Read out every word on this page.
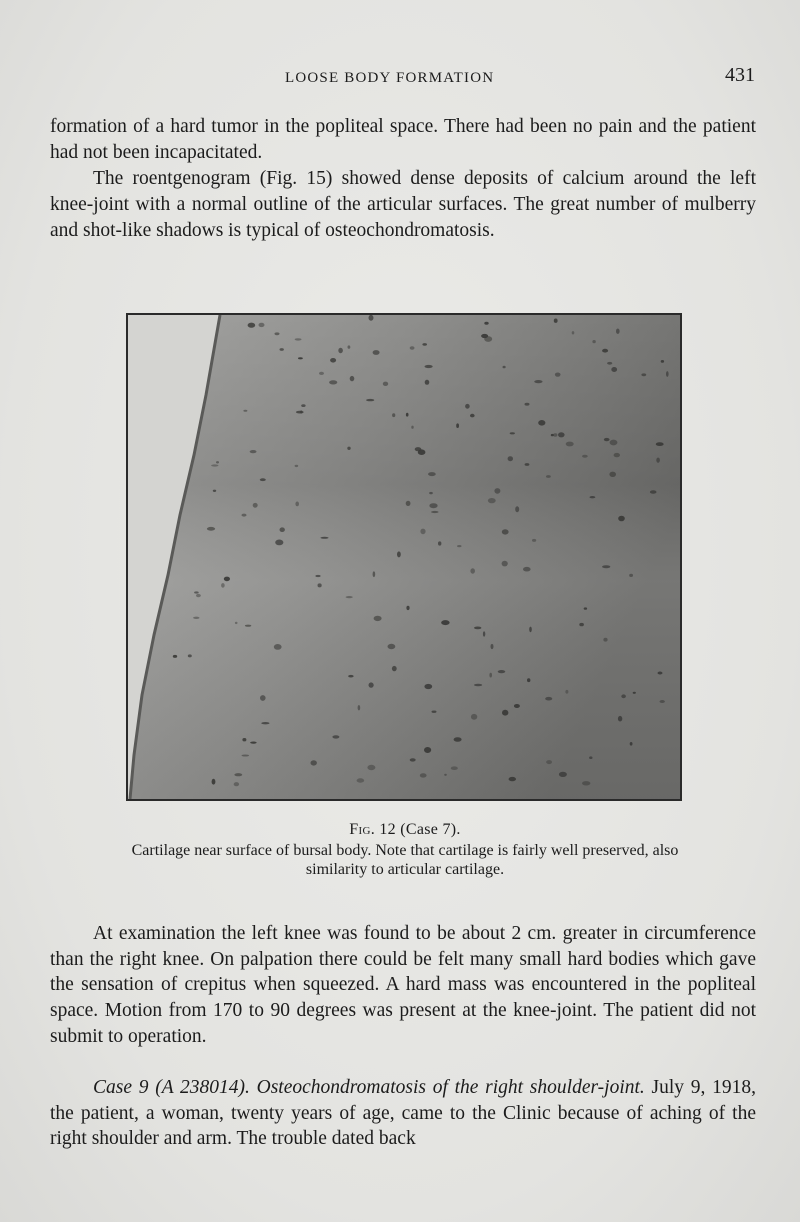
LOOSE BODY FORMATION	431

formation of a hard tumor in the popliteal space. There had been no pain and the patient had not been incapacitated.

The roentgenogram (Fig. 15) showed dense deposits of calcium around the left knee-joint with a normal outline of the articular surfaces. The great number of mulberry and shot-like shadows is typical of osteochondromatosis.

Fig. 12 (Case 7).
Cartilage near surface of bursal body. Note that cartilage is fairly well preserved, also similarity to articular cartilage.

At examination the left knee was found to be about 2 cm. greater in circumference than the right knee. On palpation there could be felt many small hard bodies which gave the sensation of crepitus when squeezed. A hard mass was encountered in the popliteal space. Motion from 170 to 90 degrees was present at the knee-joint. The patient did not submit to operation.

Case 9 (A 238014). Osteochondromatosis of the right shoulder-joint. July 9, 1918, the patient, a woman, twenty years of age, came to the Clinic because of aching of the right shoulder and arm. The trouble dated back
